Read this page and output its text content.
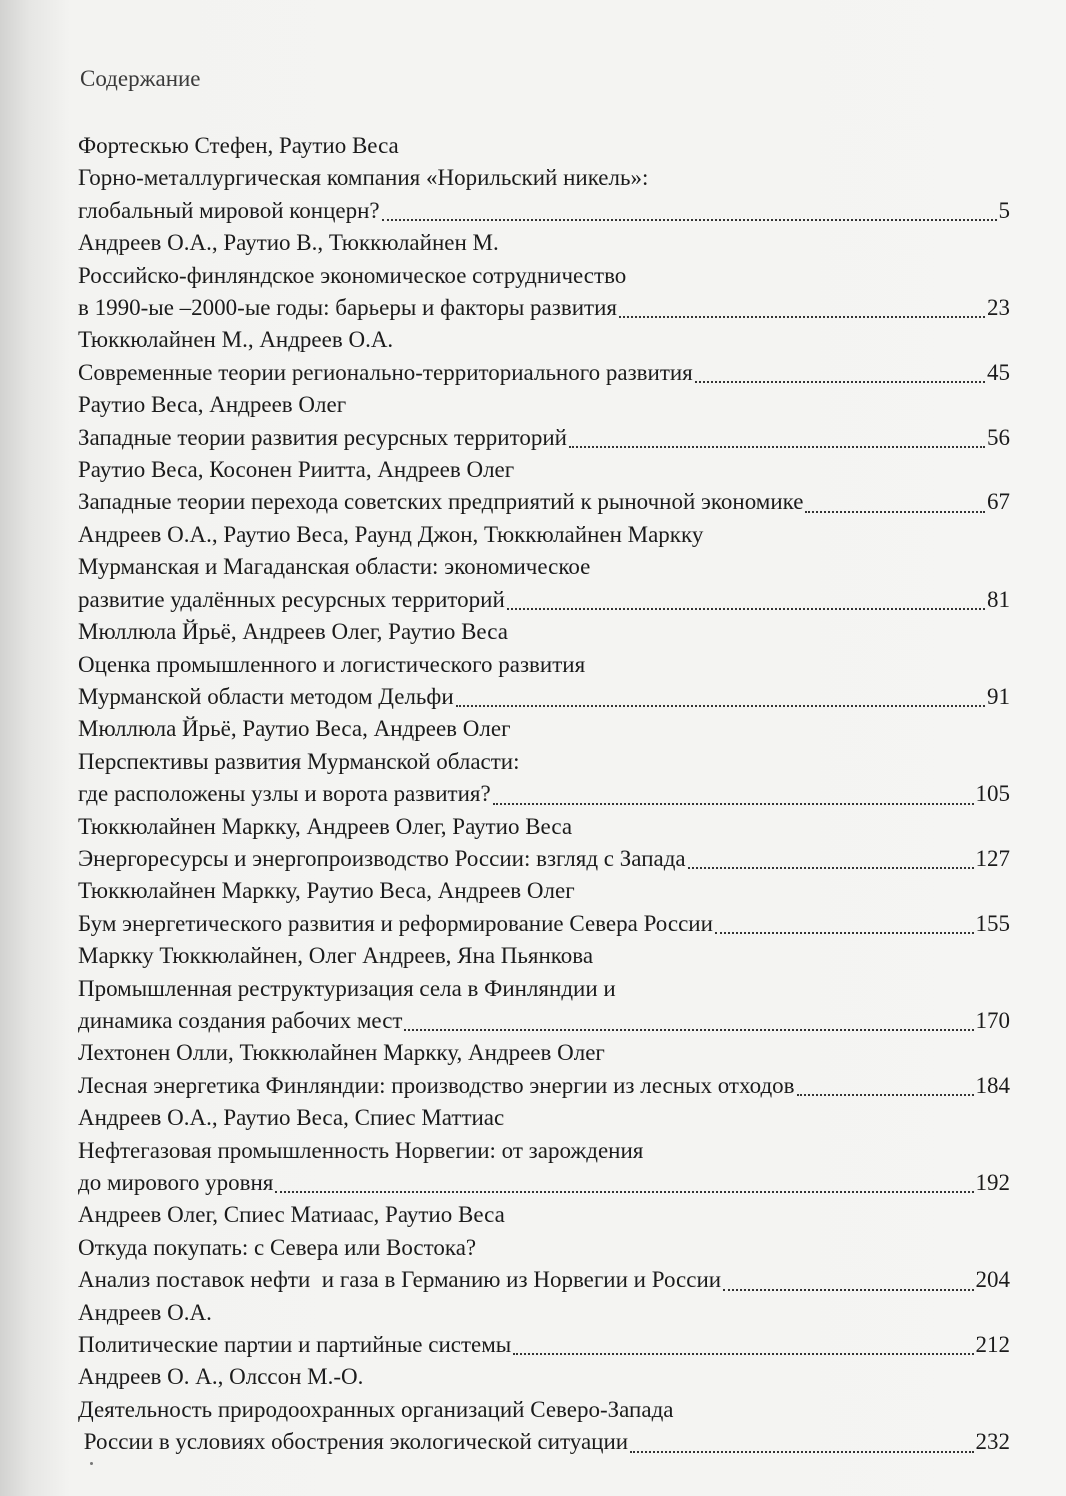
Содержание
Фортескью Стефен, Раутио Веса
Горно-металлургическая компания «Норильский никель»:
глобальный мировой концерн?	5
Андреев О.А., Раутио В., Тюккюлайнен М.
Российско-финляндское экономическое сотрудничество
в 1990-ые –2000-ые годы: барьеры и факторы развития	23
Тюккюлайнен М., Андреев О.А.
Современные теории регионально-территориального развития	45
Раутио Веса, Андреев Олег
Западные теории развития ресурсных территорий	56
Раутио Веса, Косонен Риитта, Андреев Олег
Западные теории перехода советских предприятий к рыночной экономике	67
Андреев О.А., Раутио Веса, Раунд Джон, Тюккюлайнен Маркку
Мурманская и Магаданская области: экономическое
развитие удалённых ресурсных территорий	81
Мюллюла Йрьё, Андреев Олег, Раутио Веса
Оценка промышленного и логистического развития
Мурманской области методом Дельфи	91
Мюллюла Йрьё, Раутио Веса, Андреев Олег
Перспективы развития Мурманской области:
где расположены узлы и ворота развития?	105
Тюккюлайнен Маркку, Андреев Олег, Раутио Веса
Энергоресурсы и энергопроизводство России: взгляд с Запада	127
Тюккюлайнен Маркку, Раутио Веса, Андреев Олег
Бум энергетического развития и реформирование Севера России	155
Маркку Тюккюлайнен, Олег Андреев, Яна Пьянкова
Промышленная реструктуризация села в Финляндии и
динамика создания рабочих мест	170
Лехтонен Олли, Тюккюлайнен Маркку, Андреев Олег
Лесная энергетика Финляндии: производство энергии из лесных отходов	184
Андреев О.А., Раутио Веса, Спиес Маттиас
Нефтегазовая промышленность Норвегии: от зарождения
до мирового уровня	192
Андреев Олег, Спиес Матиаас, Раутио Веса
Откуда покупать: с Севера или Востока?
Анализ поставок нефти  и газа в Германию из Норвегии и России	204
Андреев О.А.
Политические партии и партийные системы	212
Андреев О. А., Олссон М.-О.
Деятельность природоохранных организаций Северо-Запада
России в условиях обострения экологической ситуации	232
